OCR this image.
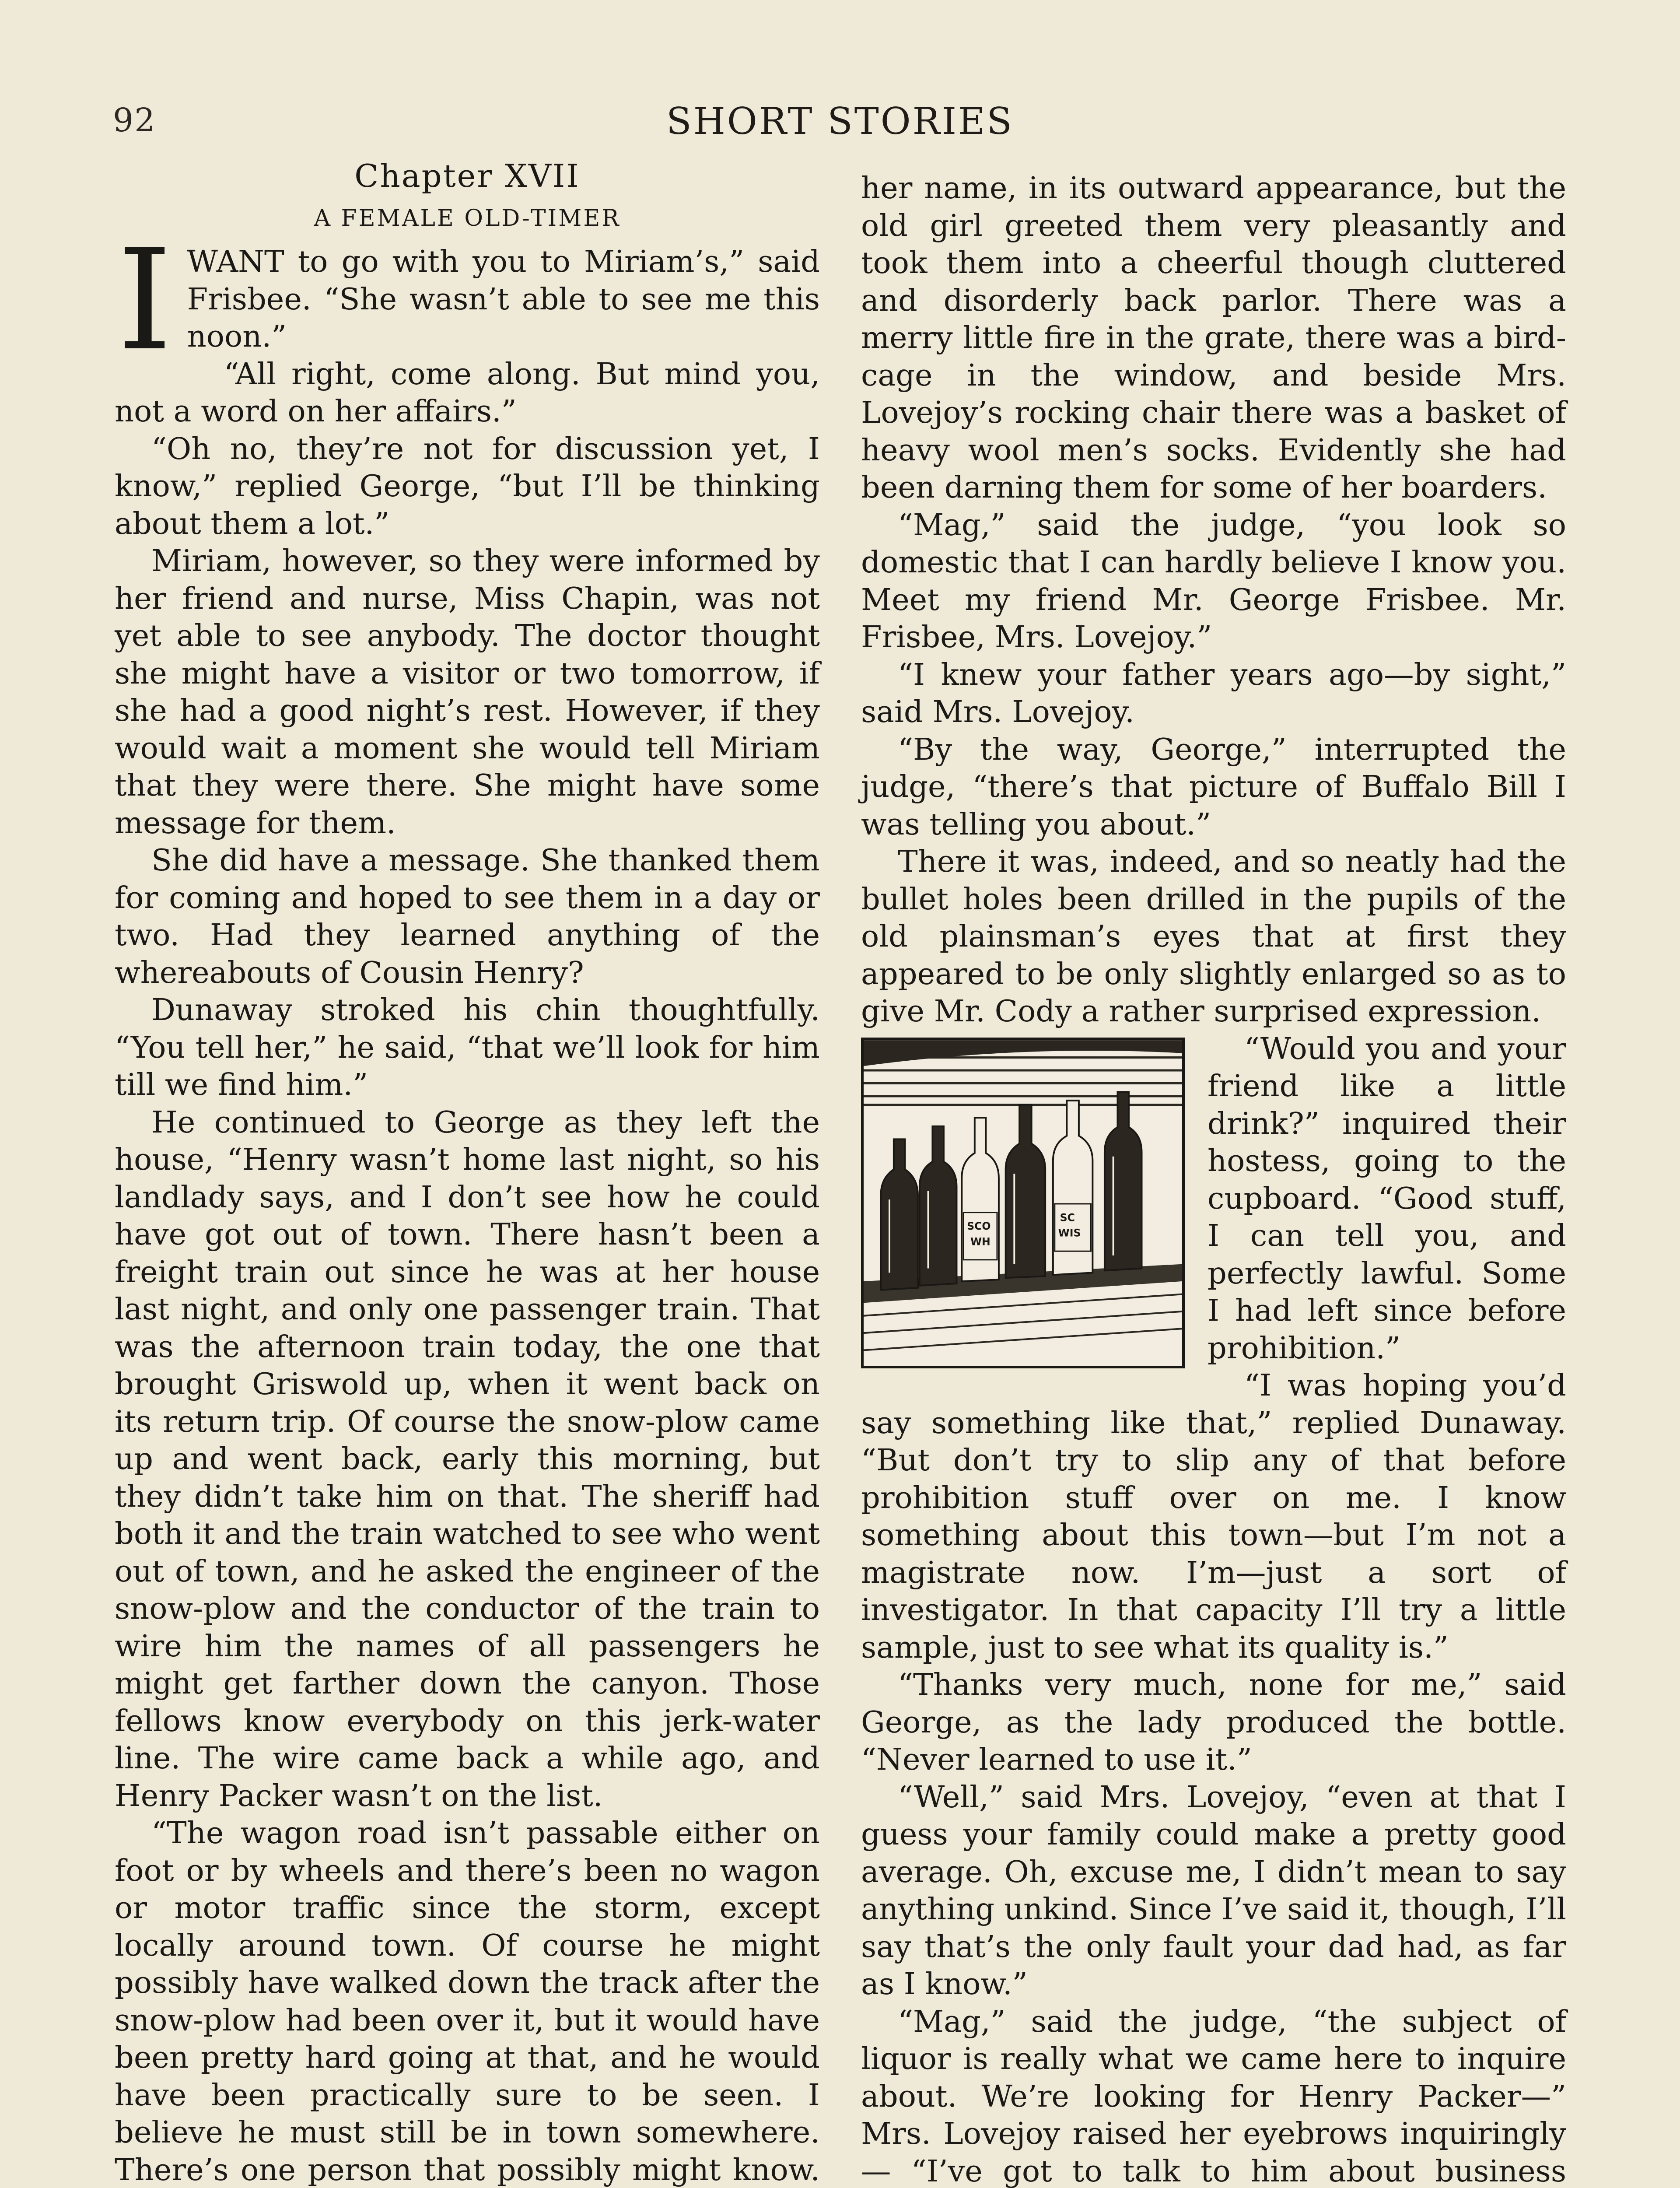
92	SHORT STORIES
Chapter XVII
A FEMALE OLD-TIMER
I WANT to go with you to Miriam’s,” said Frisbee. “She wasn’t able to see me this noon.”

“All right, come along. But mind you, not a word on her affairs.”

“Oh no, they’re not for discussion yet, I know,” replied George, “but I’ll be thinking about them a lot.”

Miriam, however, so they were informed by her friend and nurse, Miss Chapin, was not yet able to see anybody. The doctor thought she might have a visitor or two tomorrow, if she had a good night’s rest. However, if they would wait a moment she would tell Miriam that they were there. She might have some message for them.

She did have a message. She thanked them for coming and hoped to see them in a day or two. Had they learned anything of the whereabouts of Cousin Henry?

Dunaway stroked his chin thoughtfully. “You tell her,” he said, “that we’ll look for him till we find him.”

He continued to George as they left the house, “Henry wasn’t home last night, so his landlady says, and I don’t see how he could have got out of town. There hasn’t been a freight train out since he was at her house last night, and only one passenger train. That was the afternoon train today, the one that brought Griswold up, when it went back on its return trip. Of course the snow-plow came up and went back, early this morning, but they didn’t take him on that. The sheriff had both it and the train watched to see who went out of town, and he asked the engineer of the snow-plow and the conductor of the train to wire him the names of all passengers he might get farther down the canyon. Those fellows know everybody on this jerk-water line. The wire came back a while ago, and Henry Packer wasn’t on the list.

“The wagon road isn’t passable either on foot or by wheels and there’s been no wagon or motor traffic since the storm, except locally around town. Of course he might possibly have walked down the track after the snow-plow had been over it, but it would have been pretty hard going at that, and he would have been practically sure to be seen. I believe he must still be in town somewhere. There’s one person that possibly might know.

her name, in its outward appearance, but the old girl greeted them very pleasantly and took them into a cheerful though cluttered and disorderly back parlor. There was a merry little fire in the grate, there was a bird-cage in the window, and beside Mrs. Lovejoy’s rocking chair there was a basket of heavy wool men’s socks. Evidently she had been darning them for some of her boarders.

“Mag,” said the judge, “you look so domestic that I can hardly believe I know you. Meet my friend Mr. George Frisbee. Mr. Frisbee, Mrs. Lovejoy.”

“I knew your father years ago—by sight,” said Mrs. Lovejoy.

“By the way, George,” interrupted the judge, “there’s that picture of Buffalo Bill I was telling you about.”

There it was, indeed, and so neatly had the bullet holes been drilled in the pupils of the old plainsman’s eyes that at first they appeared to be only slightly enlarged so as to give Mr. Cody a rather surprised expression.

SCO
WH
SC
WIS

“Would you and your friend like a little drink?” inquired their hostess, going to the cupboard. “Good stuff, I can tell you, and perfectly lawful. Some I had left since before prohibition.”

“I was hoping you’d say something like that,” replied Dunaway. “But don’t try to slip any of that before prohibition stuff over on me. I know something about this town—but I’m not a magistrate now. I’m—just a sort of investigator. In that capacity I’ll try a little sample, just to see what its quality is.”

“Thanks very much, none for me,” said George, as the lady produced the bottle. “Never learned to use it.”

“Well,” said Mrs. Lovejoy, “even at that I guess your family could make a pretty good average. Oh, excuse me, I didn’t mean to say anything unkind. Since I’ve said it, though, I’ll say that’s the only fault your dad had, as far as I know.”

“Mag,” said the judge, “the subject of liquor is really what we came here to inquire about. We’re looking for Henry Packer—” Mrs. Lovejoy raised her eyebrows inquiringly— “I’ve got to talk to him about business
